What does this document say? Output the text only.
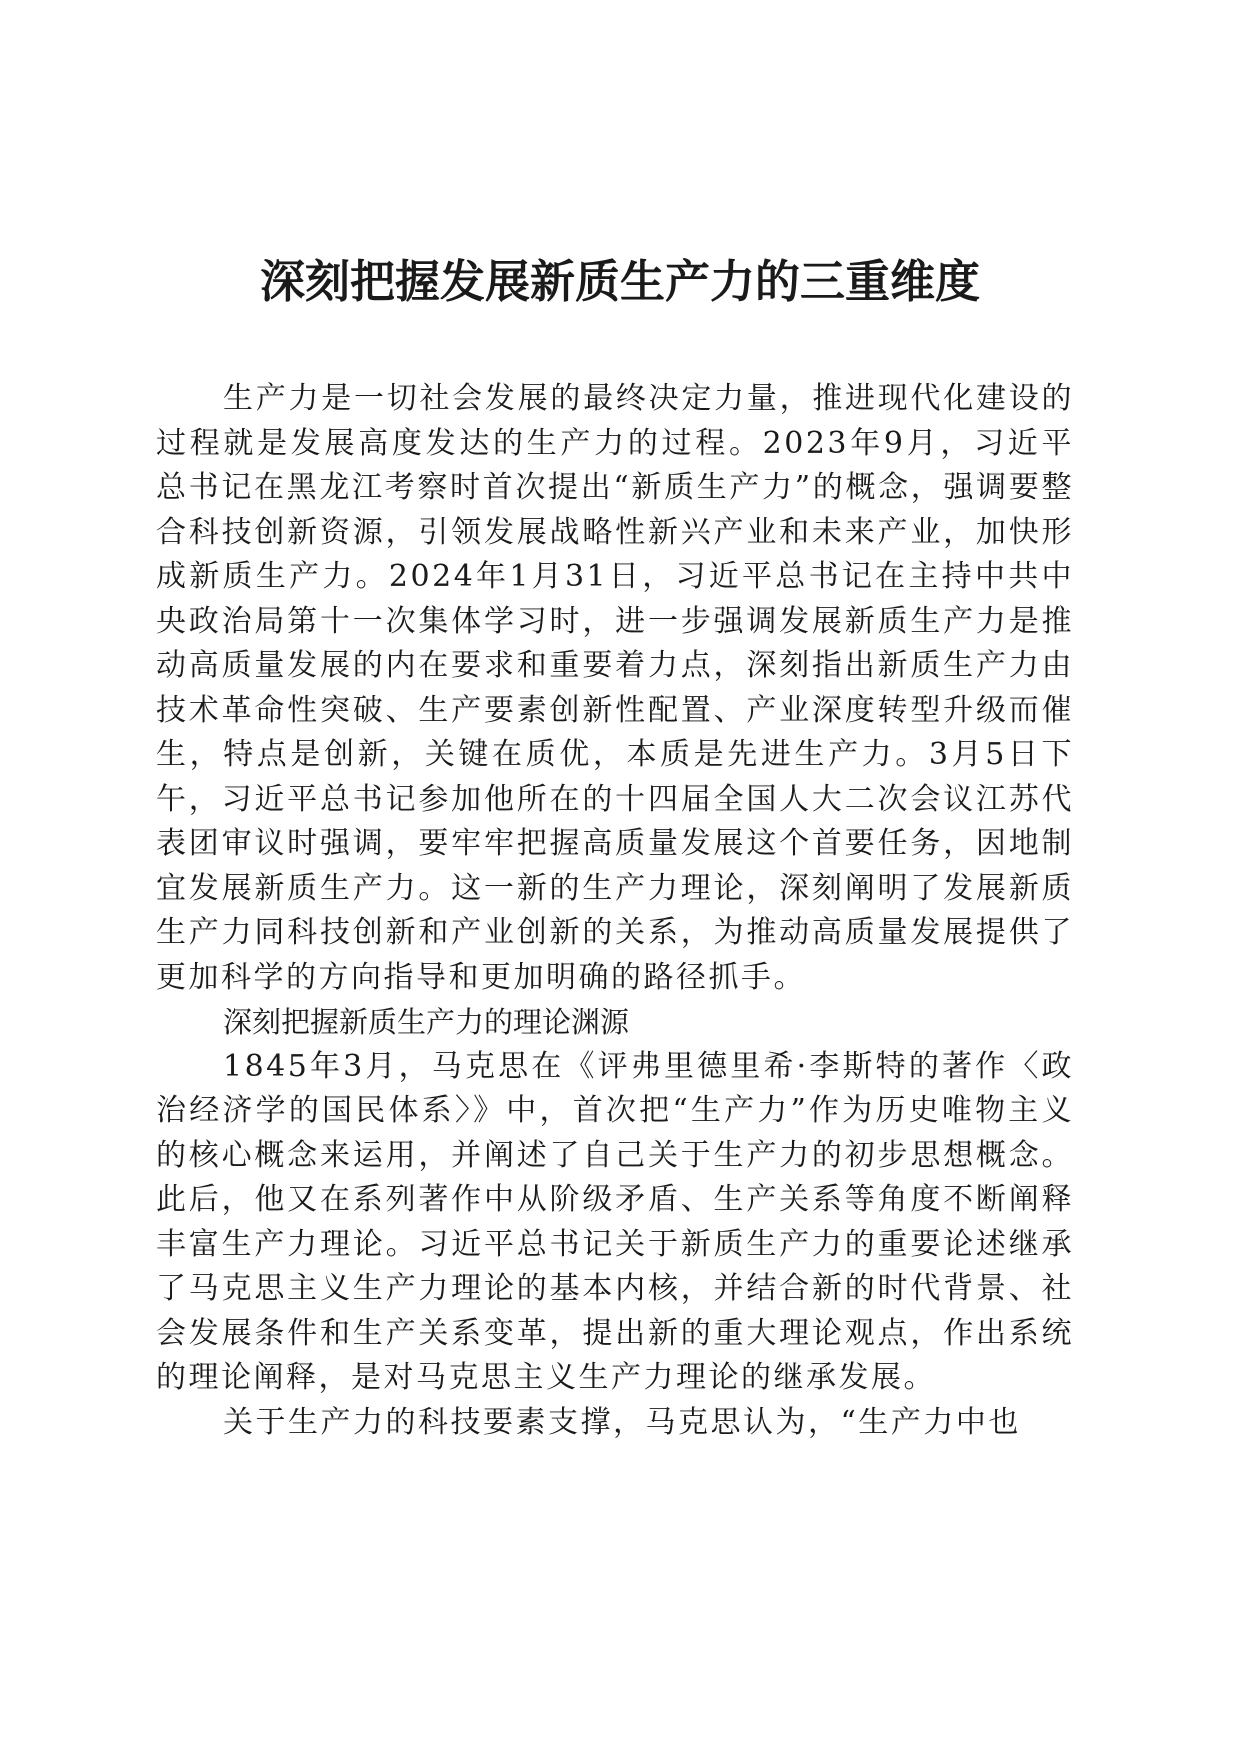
深刻把握发展新质生产力的三重维度

生产力是一切社会发展的最终决定力量，推进现代化建设的过程就是发展高度发达的生产力的过程。2023年9月，习近平总书记在黑龙江考察时首次提出“新质生产力”的概念，强调要整合科技创新资源，引领发展战略性新兴产业和未来产业，加快形成新质生产力。2024年1月31日，习近平总书记在主持中共中央政治局第十一次集体学习时，进一步强调发展新质生产力是推动高质量发展的内在要求和重要着力点，深刻指出新质生产力由技术革命性突破、生产要素创新性配置、产业深度转型升级而催生，特点是创新，关键在质优，本质是先进生产力。3月5日下午，习近平总书记参加他所在的十四届全国人大二次会议江苏代表团审议时强调，要牢牢把握高质量发展这个首要任务，因地制宜发展新质生产力。这一新的生产力理论，深刻阐明了发展新质生产力同科技创新和产业创新的关系，为推动高质量发展提供了更加科学的方向指导和更加明确的路径抓手。

深刻把握新质生产力的理论渊源

1845年3月，马克思在《评弗里德里希·李斯特的著作〈政治经济学的国民体系〉》中，首次把“生产力”作为历史唯物主义的核心概念来运用，并阐述了自己关于生产力的初步思想概念。此后，他又在系列著作中从阶级矛盾、生产关系等角度不断阐释丰富生产力理论。习近平总书记关于新质生产力的重要论述继承了马克思主义生产力理论的基本内核，并结合新的时代背景、社会发展条件和生产关系变革，提出新的重大理论观点，作出系统的理论阐释，是对马克思主义生产力理论的继承发展。

关于生产力的科技要素支撑，马克思认为，“生产力中也
